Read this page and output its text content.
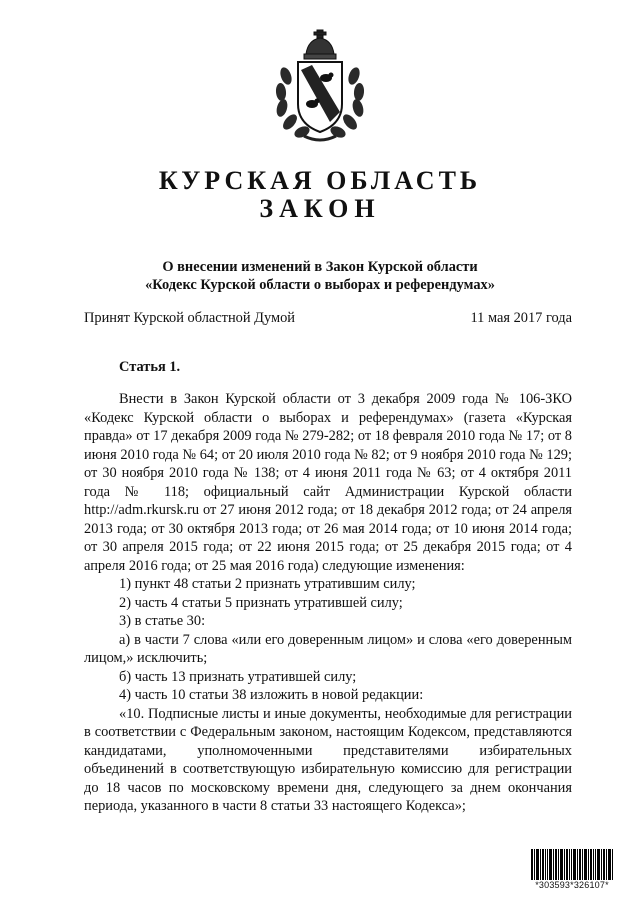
КУРСКАЯ ОБЛАСТЬ
ЗАКОН

О внесении изменений в Закон Курской области

«Кодекс Курской области о выборах и референдумах»

Принят Курской областной Думой	11 мая 2017 года
Статья 1.

Внести в Закон Курской области от 3 декабря 2009 года № 106-ЗКО «Кодекс Курской области о выборах и референдумах» (газета «Курская правда» от 17 декабря 2009 года № 279-282; от 18 февраля 2010 года № 17; от 8 июня 2010 года № 64; от 20 июля 2010 года № 82; от 9 ноября 2010 года № 129; от 30 ноября 2010 года № 138; от 4 июня 2011 года № 63; от 4 октября 2011 года № 118; официальный сайт Администрации Курской области http://adm.rkursk.ru от 27 июня 2012 года; от 18 декабря 2012 года; от 24 апреля 2013 года; от 30 октября 2013 года; от 26 мая 2014 года; от 10 июня 2014 года; от 30 апреля 2015 года; от 22 июня 2015 года; от 25 декабря 2015 года; от 4 апреля 2016 года; от 25 мая 2016 года) следующие изменения:

1) пункт 48 статьи 2 признать утратившим силу;

2) часть 4 статьи 5 признать утратившей силу;

3) в статье 30:

а) в части 7 слова «или его доверенным лицом» и слова «его доверенным лицом,» исключить;

б) часть 13 признать утратившей силу;

4) часть 10 статьи 38 изложить в новой редакции:

«10. Подписные листы и иные документы, необходимые для регистрации в соответствии с Федеральным законом, настоящим Кодексом, представляются кандидатами, уполномоченными представителями избирательных объединений в соответствующую избирательную комиссию для регистрации до 18 часов по московскому времени дня, следующего за днем окончания периода, указанного в части 8 статьи 33 настоящего Кодекса»;

*303593*326107*
